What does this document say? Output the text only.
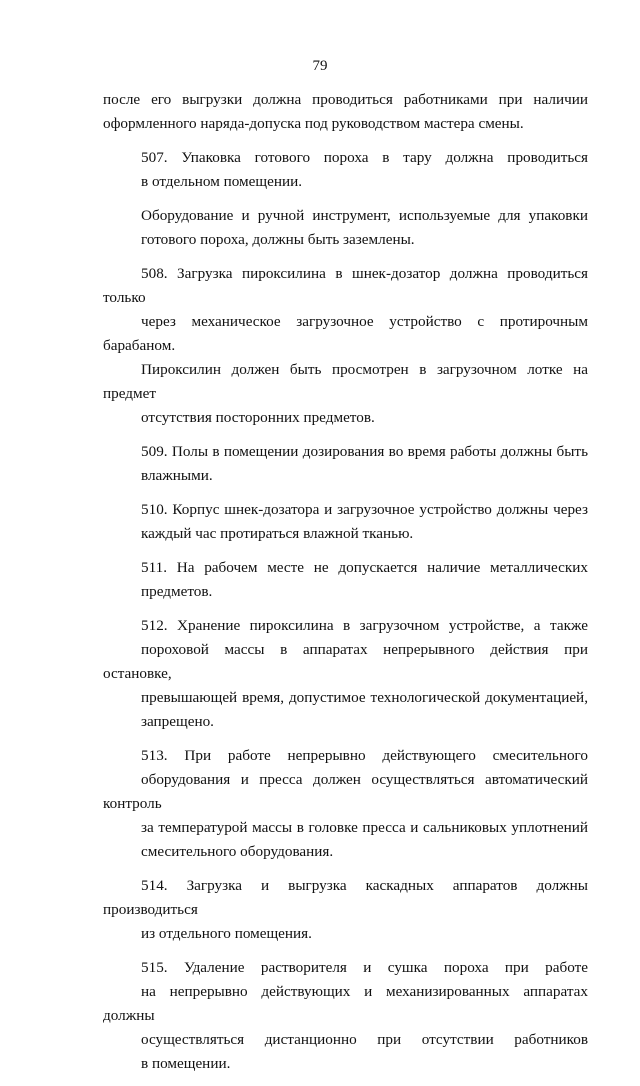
79
после его выгрузки должна проводиться работниками при наличии
оформленного наряда-допуска под руководством мастера смены.
507. Упаковка готового пороха в тару должна проводиться
в отдельном помещении.
Оборудование и ручной инструмент, используемые для упаковки
готового пороха, должны быть заземлены.
508. Загрузка пироксилина в шнек-дозатор должна проводиться только
через механическое загрузочное устройство с протирочным барабаном.
Пироксилин должен быть просмотрен в загрузочном лотке на предмет
отсутствия посторонних предметов.
509. Полы в помещении дозирования во время работы должны быть
влажными.
510. Корпус шнек-дозатора и загрузочное устройство должны через
каждый час протираться влажной тканью.
511. На рабочем месте не допускается наличие металлических
предметов.
512. Хранение пироксилина в загрузочном устройстве, а также
пороховой массы в аппаратах непрерывного действия при остановке,
превышающей время, допустимое технологической документацией,
запрещено.
513. При работе непрерывно действующего смесительного
оборудования и пресса должен осуществляться автоматический контроль
за температурой массы в головке пресса и сальниковых уплотнений
смесительного оборудования.
514. Загрузка и выгрузка каскадных аппаратов должны производиться
из отдельного помещения.
515. Удаление растворителя и сушка пороха при работе
на непрерывно действующих и механизированных аппаратах должны
осуществляться дистанционно при отсутствии работников
в помещении.
